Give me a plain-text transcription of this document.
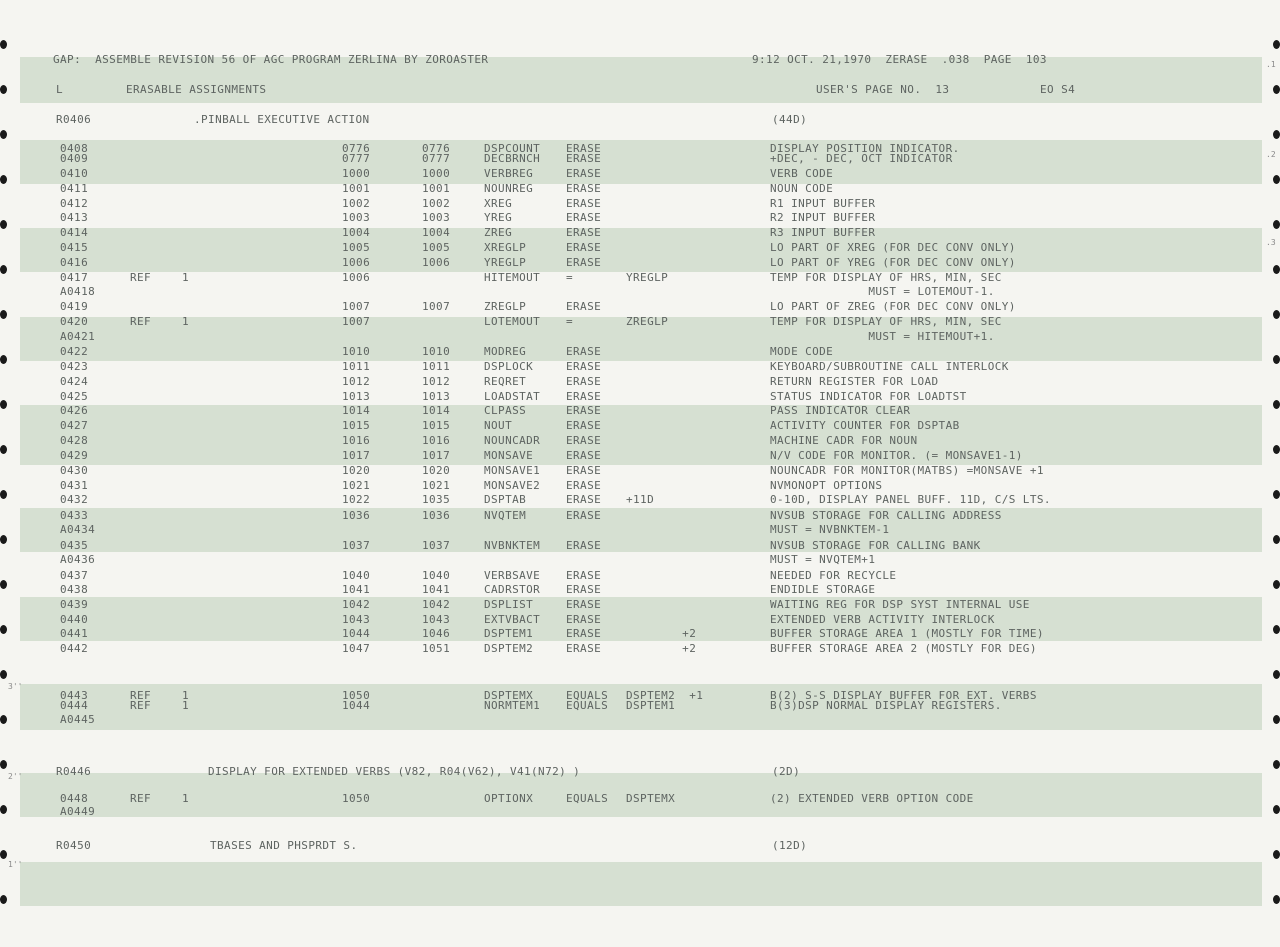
.1
.2
.3
3''
2''
1''
GAP:  ASSEMBLE REVISION 56 OF AGC PROGRAM ZERLINA BY ZOROASTER	9:12 OCT. 21,1970  ZERASE  .038  PAGE  103
L	ERASABLE ASSIGNMENTS	USER'S PAGE NO.  13	EO S4
R0406	.PINBALL EXECUTIVE ACTION	(44D)
R0446	DISPLAY FOR EXTENDED VERBS (V82, R04(V62), V41(N72) )	(2D)
R0450	TBASES AND PHSPRDT S.	(12D)
0408	0776	0776	DSPCOUNT ERASE	DISPLAY POSITION INDICATOR.
0409	0777	0777	DECBRNCH ERASE	+DEC, - DEC, OCT INDICATOR
0410	1000	1000	VERBREG	ERASE	VERB CODE
0411	1001	1001	NOUNREG	ERASE	NOUN CODE
0412	1002	1002	XREG	ERASE	R1 INPUT BUFFER
0413	1003	1003	YREG	ERASE	R2 INPUT BUFFER
0414	1004	1004	ZREG	ERASE	R3 INPUT BUFFER
0415	1005	1005	XREGLP	ERASE	LO PART OF XREG (FOR DEC CONV ONLY)
0416	1006	1006	YREGLP	ERASE	LO PART OF YREG (FOR DEC CONV ONLY)
0417	REF	1	1006	HITEMOUT =	YREGLP	TEMP FOR DISPLAY OF HRS, MIN, SEC
A0418	MUST = LOTEMOUT-1.
0419	1007	1007	ZREGLP	ERASE	LO PART OF ZREG (FOR DEC CONV ONLY)
0420	REF	1	1007	LOTEMOUT =	ZREGLP	TEMP FOR DISPLAY OF HRS, MIN, SEC
A0421	MUST = HITEMOUT+1.
0422	1010	1010	MODREG	ERASE	MODE CODE
0423	1011	1011	DSPLOCK	ERASE	KEYBOARD/SUBROUTINE CALL INTERLOCK
0424	1012	1012	REQRET	ERASE	RETURN REGISTER FOR LOAD
0425	1013	1013	LOADSTAT ERASE	STATUS INDICATOR FOR LOADTST
0426	1014	1014	CLPASS	ERASE	PASS INDICATOR CLEAR
0427	1015	1015	NOUT	ERASE	ACTIVITY COUNTER FOR DSPTAB
0428	1016	1016	NOUNCADR ERASE	MACHINE CADR FOR NOUN
0429	1017	1017	MONSAVE	ERASE	N/V CODE FOR MONITOR. (= MONSAVE1-1)
0430	1020	1020	MONSAVE1 ERASE	NOUNCADR FOR MONITOR(MATBS) =MONSAVE +1
0431	1021	1021	MONSAVE2 ERASE	NVMONOPT OPTIONS
0432	1022	1035	DSPTAB	ERASE +11D	0-10D, DISPLAY PANEL BUFF. 11D, C/S LTS.
0433	1036	1036	NVQTEM	ERASE	NVSUB STORAGE FOR CALLING ADDRESS
A0434	MUST = NVBNKTEM-1
0435	1037	1037	NVBNKTEM ERASE	NVSUB STORAGE FOR CALLING BANK
A0436	MUST = NVQTEM+1
0437	1040	1040	VERBSAVE ERASE	NEEDED FOR RECYCLE
0438	1041	1041	CADRSTOR ERASE	ENDIDLE STORAGE
0439	1042	1042	DSPLIST	ERASE	WAITING REG FOR DSP SYST INTERNAL USE
0440	1043	1043	EXTVBACT ERASE	EXTENDED VERB ACTIVITY INTERLOCK
0441	1044	1046	DSPTEM1	ERASE +2	BUFFER STORAGE AREA 1 (MOSTLY FOR TIME)
0442	1047	1051	DSPTEM2	ERASE +2	BUFFER STORAGE AREA 2 (MOSTLY FOR DEG)
0443	REF	1	1050	DSPTEMX	EQUALS DSPTEM2  +1	B(2) S-S DISPLAY BUFFER FOR EXT. VERBS
0444	REF	1	1044	NORMTEM1 EQUALS DSPTEM1	B(3)DSP NORMAL DISPLAY REGISTERS.
A0445
0448	REF	1	1050	OPTIONX	EQUALS DSPTEMX	(2) EXTENDED VERB OPTION CODE
A0449
